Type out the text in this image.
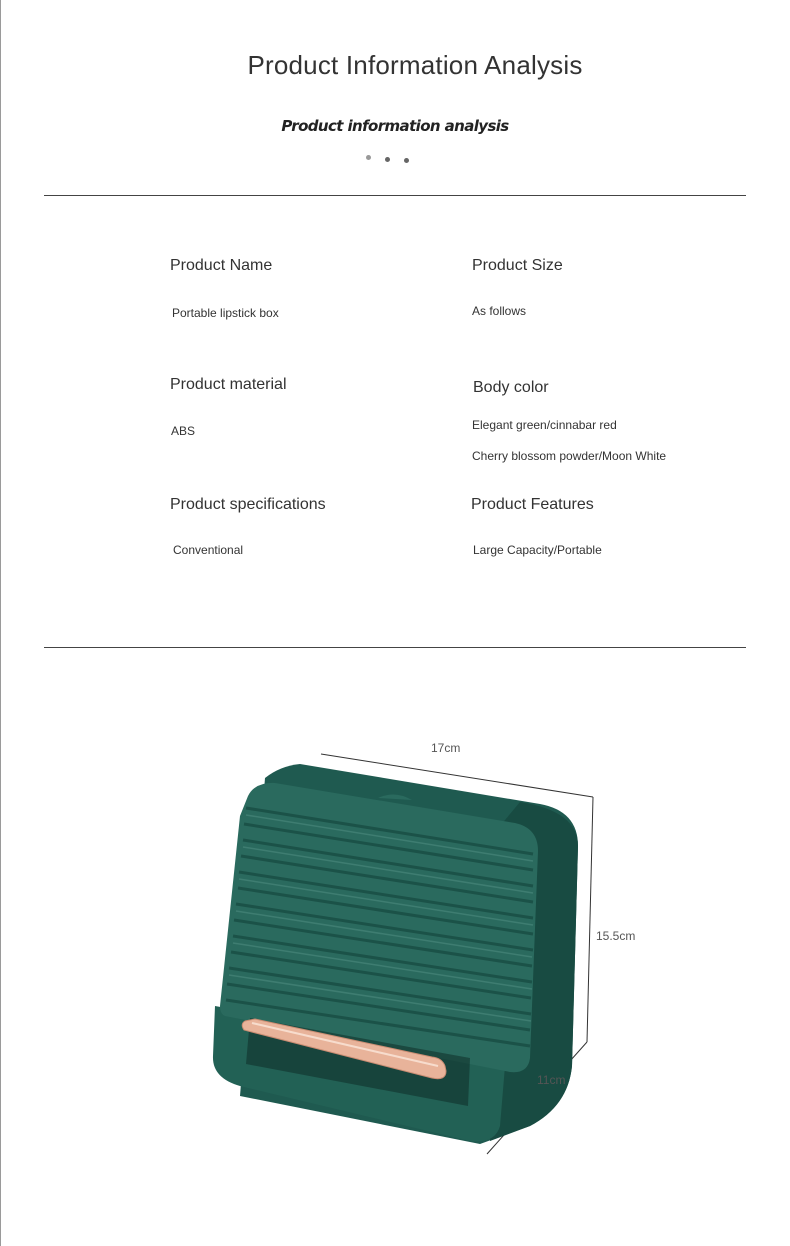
Product Information Analysis
Product information analysis
Product Name
Portable lipstick box
Product Size
As follows
Product material
ABS
Body color
Elegant green/cinnabar red
Cherry blossom powder/Moon White
Product specifications
Conventional
Product Features
Large Capacity/Portable
17cm
15.5cm
11cm
